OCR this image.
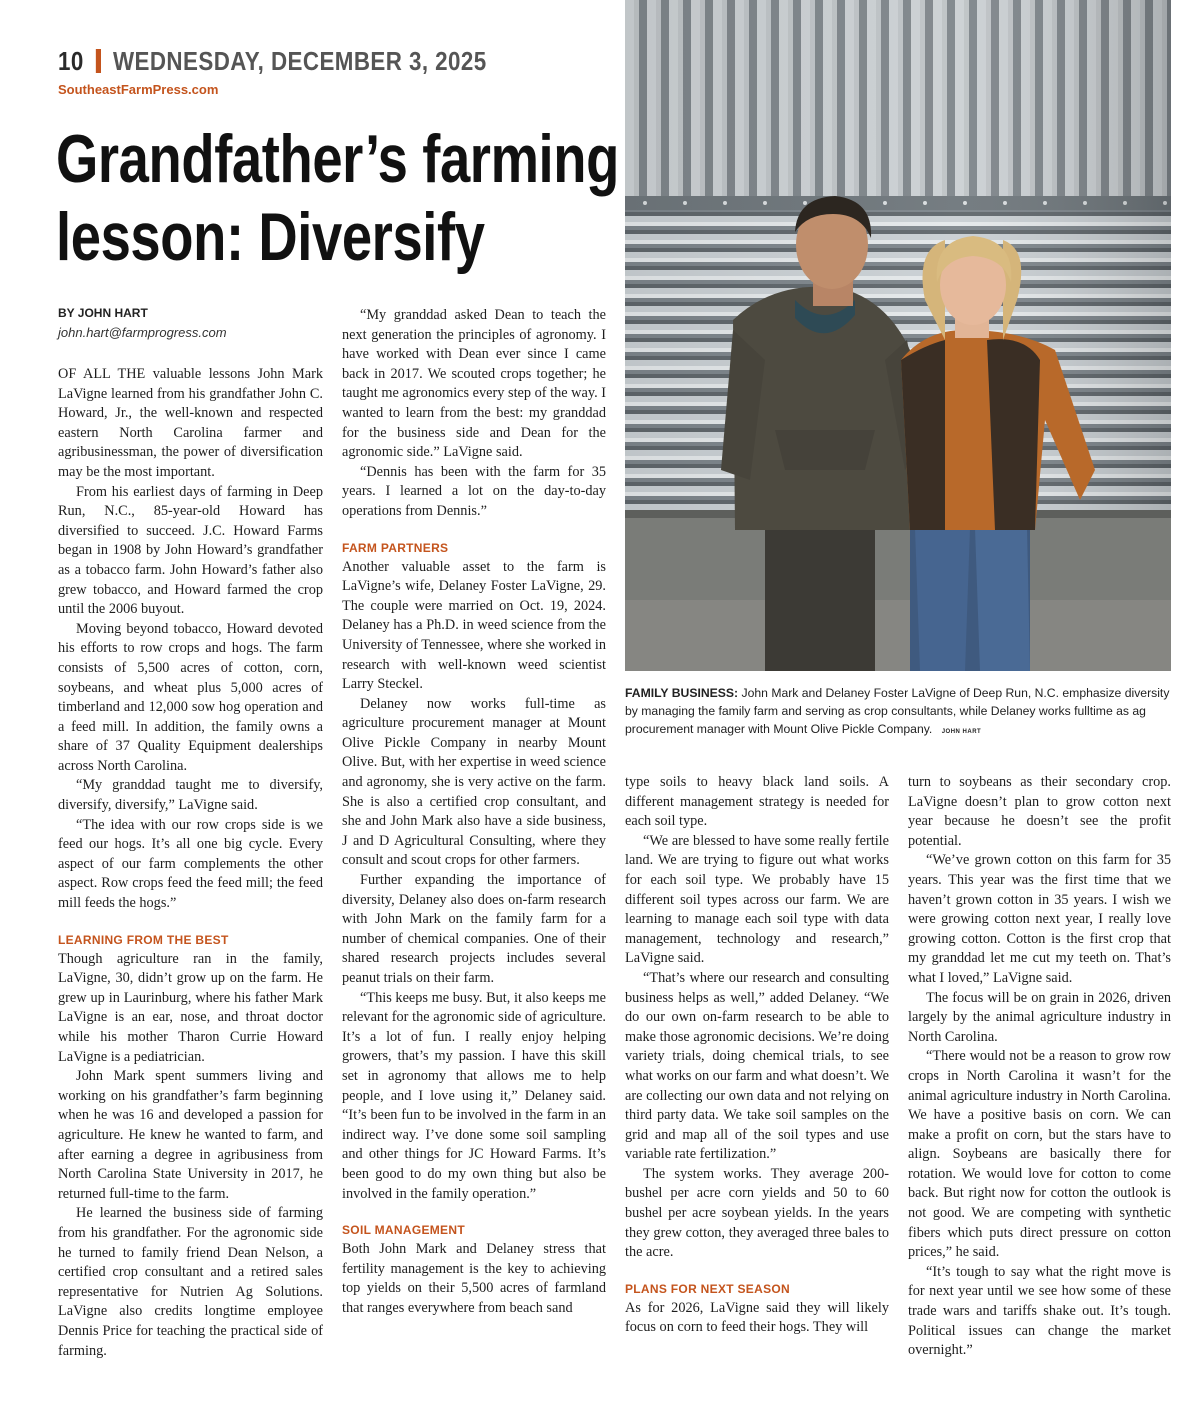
10 WEDNESDAY, DECEMBER 3, 2025
SoutheastFarmPress.com
Grandfather’s farming
lesson: Diversify
BY JOHN HART
john.hart@farmprogress.com

OF ALL THE valuable lessons John Mark LaVigne learned from his grandfather John C. Howard, Jr., the well-known and respected eastern North Carolina farmer and agribusinessman, the power of diversification may be the most important.

From his earliest days of farming in Deep Run, N.C., 85-year-old Howard has diversified to succeed. J.C. Howard Farms began in 1908 by John Howard’s grandfather as a tobacco farm. John Howard’s father also grew tobacco, and Howard farmed the crop until the 2006 buyout.

Moving beyond tobacco, Howard devoted his efforts to row crops and hogs. The farm consists of 5,500 acres of cotton, corn, soybeans, and wheat plus 5,000 acres of timberland and 12,000 sow hog operation and a feed mill. In addition, the family owns a share of 37 Quality Equipment dealerships across North Carolina.

“My granddad taught me to diversify, diversify, diversify,” LaVigne said.

“The idea with our row crops side is we feed our hogs. It’s all one big cycle. Every aspect of our farm complements the other aspect. Row crops feed the feed mill; the feed mill feeds the hogs.”

LEARNING FROM THE BEST

Though agriculture ran in the family, LaVigne, 30, didn’t grow up on the farm. He grew up in Laurinburg, where his father Mark LaVigne is an ear, nose, and throat doctor while his mother Tharon Currie Howard LaVigne is a pediatrician.

John Mark spent summers living and working on his grandfather’s farm beginning when he was 16 and developed a passion for agriculture. He knew he wanted to farm, and after earning a degree in agribusiness from North Carolina State University in 2017, he returned full-time to the farm.

He learned the business side of farming from his grandfather. For the agronomic side he turned to family friend Dean Nelson, a certified crop consultant and a retired sales representative for Nutrien Ag Solutions. LaVigne also credits longtime employee Dennis Price for teaching the practical side of farming.

“My granddad asked Dean to teach the next generation the principles of agronomy. I have worked with Dean ever since I came back in 2017. We scouted crops together; he taught me agronomics every step of the way. I wanted to learn from the best: my granddad for the business side and Dean for the agronomic side.” LaVigne said.

“Dennis has been with the farm for 35 years. I learned a lot on the day-to-day operations from Dennis.”

FARM PARTNERS

Another valuable asset to the farm is LaVigne’s wife, Delaney Foster LaVigne, 29. The couple were married on Oct. 19, 2024. Delaney has a Ph.D. in weed science from the University of Tennessee, where she worked in research with well-known weed scientist Larry Steckel.

Delaney now works full-time as agriculture procurement manager at Mount Olive Pickle Company in nearby Mount Olive. But, with her expertise in weed science and agronomy, she is very active on the farm. She is also a certified crop consultant, and she and John Mark also have a side business, J and D Agricultural Consulting, where they consult and scout crops for other farmers.

Further expanding the importance of diversity, Delaney also does on-farm research with John Mark on the family farm for a number of chemical companies. One of their shared research projects includes several peanut trials on their farm.

“This keeps me busy. But, it also keeps me relevant for the agronomic side of agriculture. It’s a lot of fun. I really enjoy helping growers, that’s my passion. I have this skill set in agronomy that allows me to help people, and I love using it,” Delaney said. “It’s been fun to be involved in the farm in an indirect way. I’ve done some soil sampling and other things for JC Howard Farms. It’s been good to do my own thing but also be involved in the family operation.”

SOIL MANAGEMENT

Both John Mark and Delaney stress that fertility management is the key to achieving top yields on their 5,500 acres of farmland that ranges everywhere from beach sand

FAMILY BUSINESS: John Mark and Delaney Foster LaVigne of Deep Run, N.C. emphasize diversity by managing the family farm and serving as crop consultants, while Delaney works fulltime as ag procurement manager with Mount Olive Pickle Company. JOHN HART

type soils to heavy black land soils. A different management strategy is needed for each soil type.

“We are blessed to have some really fertile land. We are trying to figure out what works for each soil type. We probably have 15 different soil types across our farm. We are learning to manage each soil type with data management, technology and research,” LaVigne said.

“That’s where our research and consulting business helps as well,” added Delaney. “We do our own on-farm research to be able to make those agronomic decisions. We’re doing variety trials, doing chemical trials, to see what works on our farm and what doesn’t. We are collecting our own data and not relying on third party data. We take soil samples on the grid and map all of the soil types and use variable rate fertilization.”

The system works. They average 200-bushel per acre corn yields and 50 to 60 bushel per acre soybean yields. In the years they grew cotton, they averaged three bales to the acre.

PLANS FOR NEXT SEASON

As for 2026, LaVigne said they will likely focus on corn to feed their hogs. They will

turn to soybeans as their secondary crop. LaVigne doesn’t plan to grow cotton next year because he doesn’t see the profit potential.

“We’ve grown cotton on this farm for 35 years. This year was the first time that we haven’t grown cotton in 35 years. I wish we were growing cotton next year, I really love growing cotton. Cotton is the first crop that my granddad let me cut my teeth on. That’s what I loved,” LaVigne said.

The focus will be on grain in 2026, driven largely by the animal agriculture industry in North Carolina.

“There would not be a reason to grow row crops in North Carolina it wasn’t for the animal agriculture industry in North Carolina. We have a positive basis on corn. We can make a profit on corn, but the stars have to align. Soybeans are basically there for rotation. We would love for cotton to come back. But right now for cotton the outlook is not good. We are competing with synthetic fibers which puts direct pressure on cotton prices,” he said.

“It’s tough to say what the right move is for next year until we see how some of these trade wars and tariffs shake out. It’s tough. Political issues can change the market overnight.”
